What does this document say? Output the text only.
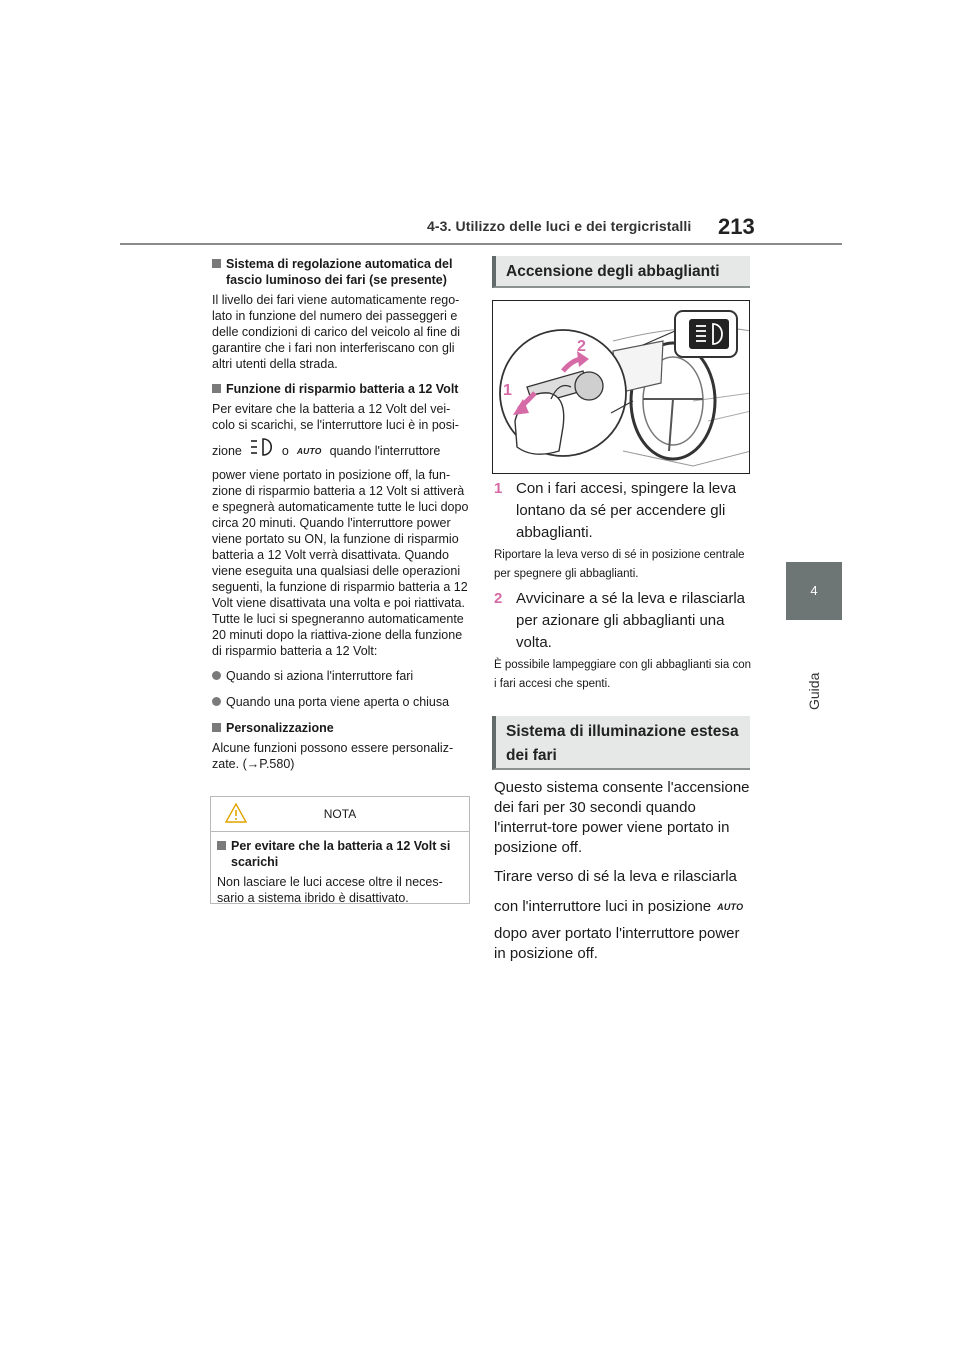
4-3. Utilizzo delle luci e dei tergicristalli 213
4
Guida
Sistema di regolazione automatica del fascio luminoso dei fari (se presente)
Il livello dei fari viene automaticamente rego-lato in funzione del numero dei passeggeri e delle condizioni di carico del veicolo al fine di garantire che i fari non interferiscano con gli altri utenti della strada.
Funzione di risparmio batteria a 12 Volt
Per evitare che la batteria a 12 Volt del vei-colo si scarichi, se l'interruttore luci è in posi-
zione	o AUTO quando l'interruttore
power viene portato in posizione off, la fun-zione di risparmio batteria a 12 Volt si attiverà e spegnerà automaticamente tutte le luci dopo circa 20 minuti. Quando l'interruttore power viene portato su ON, la funzione di risparmio batteria a 12 Volt verrà disattivata. Quando viene eseguita una qualsiasi delle operazioni seguenti, la funzione di risparmio batteria a 12 Volt viene disattivata una volta e poi riattivata. Tutte le luci si spegneranno automaticamente 20 minuti dopo la riattiva-zione della funzione di risparmio batteria a 12 Volt:
Quando si aziona l'interruttore fari
Quando una porta viene aperta o chiusa
Personalizzazione
Alcune funzioni possono essere personaliz-zate. (→P.580)
NOTA
Per evitare che la batteria a 12 Volt si scarichi
Non lasciare le luci accese oltre il neces-sario a sistema ibrido è disattivato.
Accensione degli abbaglianti
1
2
1 Con i fari accesi, spingere la leva lontano da sé per accendere gli abbaglianti.
Riportare la leva verso di sé in posizione centrale per spegnere gli abbaglianti.
2 Avvicinare a sé la leva e rilasciarla per azionare gli abbaglianti una volta.
È possibile lampeggiare con gli abbaglianti sia con i fari accesi che spenti.
Sistema di illuminazione estesa dei fari

Questo sistema consente l'accensione dei fari per 30 secondi quando l'interrut-tore power viene portato in posizione off.

Tirare verso di sé la leva e rilasciarla
con l'interruttore luci in posizione AUTO

dopo aver portato l'interruttore power in posizione off.
